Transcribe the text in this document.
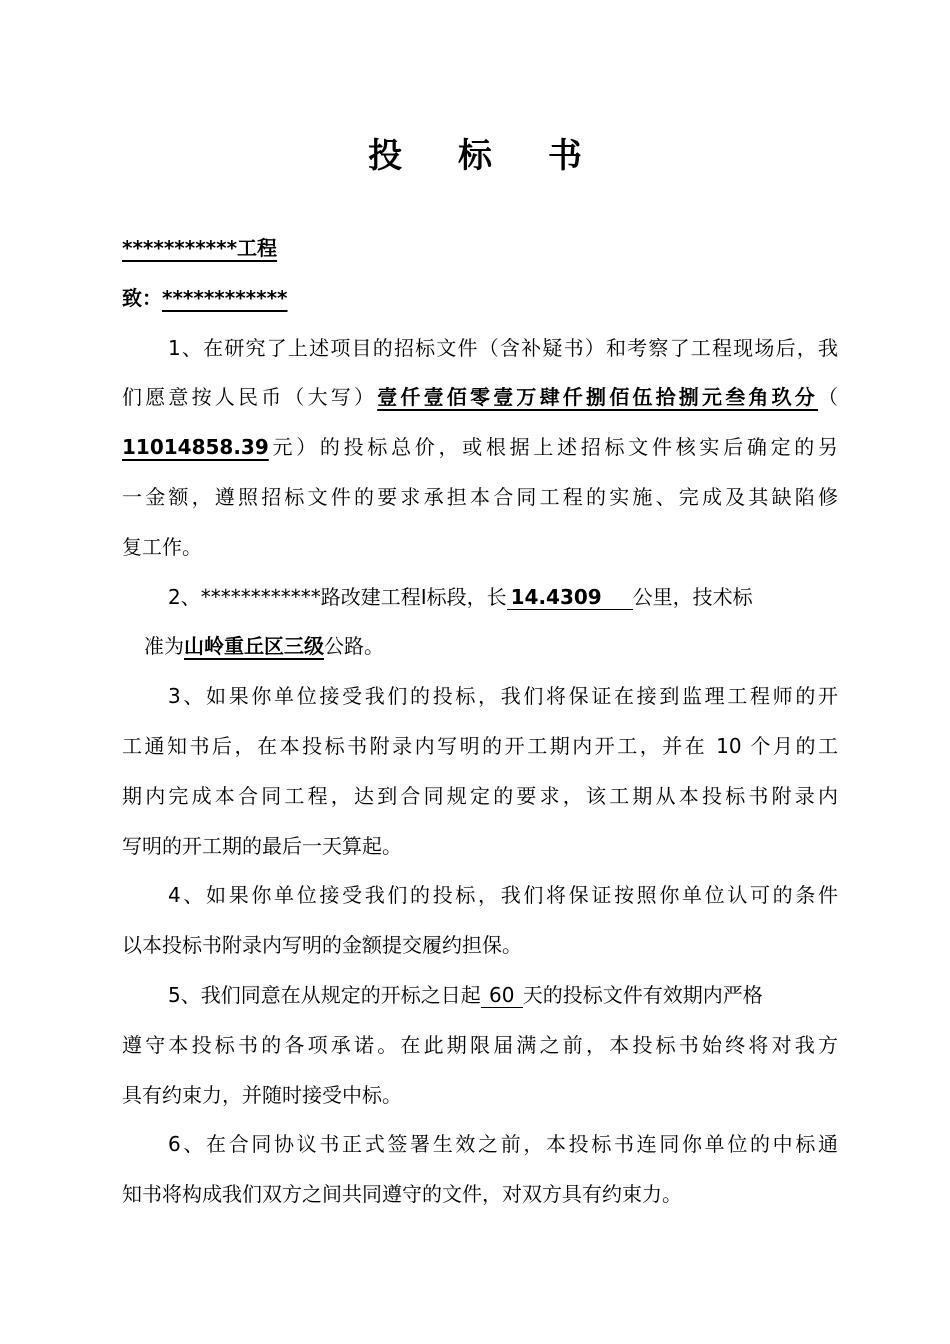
投 标 书
***********工程
致：************
1、在研究了上述项目的招标文件（含补疑书）和考察了工程现场后，我
们愿意按人民币（大写）壹仟壹佰零壹万肆仟捌佰伍拾捌元叁角玖分（
11014858.39元）的投标总价，或根据上述招标文件核实后确定的另
一金额，遵照招标文件的要求承担本合同工程的实施、完成及其缺陷修
复工作。
2、************路改建工程Ⅰ标段，长 14.4309 公里，技术标
准为山岭重丘区三级公路。
3、如果你单位接受我们的投标，我们将保证在接到监理工程师的开
工通知书后，在本投标书附录内写明的开工期内开工，并在 10 个月的工
期内完成本合同工程，达到合同规定的要求，该工期从本投标书附录内
写明的开工期的最后一天算起。
4、如果你单位接受我们的投标，我们将保证按照你单位认可的条件
以本投标书附录内写明的金额提交履约担保。
5、我们同意在从规定的开标之日起 60 天的投标文件有效期内严格
遵守本投标书的各项承诺。在此期限届满之前，本投标书始终将对我方
具有约束力，并随时接受中标。
6、在合同协议书正式签署生效之前，本投标书连同你单位的中标通
知书将构成我们双方之间共同遵守的文件，对双方具有约束力。
